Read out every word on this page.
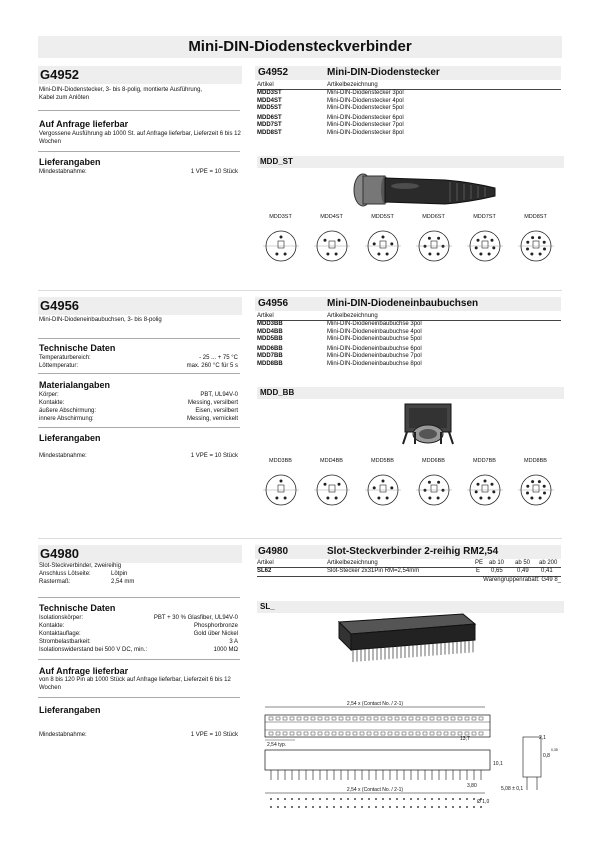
Mini-DIN-Diodensteckverbinder
G4952
Mini-DIN-Diodenstecker, 3- bis 8-polig, montierte Ausführung, Kabel zum Anlöten
Auf Anfrage lieferbar
Vergossene Ausführung ab 1000 St. auf Anfrage lieferbar, Lieferzeit 6 bis 12 Wochen
Lieferangaben
Mindestabnahme:	1 VPE = 10 Stück
G4952	Mini-DIN-Diodenstecker
Artikel	Artikelbezeichnung
MDD3ST	Mini-DIN-Diodenstecker 3pol
MDD4ST	Mini-DIN-Diodenstecker 4pol
MDD5ST	Mini-DIN-Diodenstecker 5pol
MDD6ST	Mini-DIN-Diodenstecker 6pol
MDD7ST	Mini-DIN-Diodenstecker 7pol
MDD8ST	Mini-DIN-Diodenstecker 8pol
MDD_ST
MDD3ST	MDD4ST	MDD5ST	MDD6ST	MDD7ST	MDD8ST
G4956
Mini-DIN-Diodeneinbaubuchsen, 3- bis 8-polig
Technische Daten
Temperaturbereich:	- 25 ... + 75 °C
Löttemperatur:	max. 260 °C für 5 s
Materialangaben
Körper:	PBT, UL94V-0
Kontakte:	Messing, versilbert
äußere Abschirmung:	Eisen, versilbert
innere Abschirmung:	Messing, vernickelt
Lieferangaben
Mindestabnahme:	1 VPE = 10 Stück
G4956	Mini-DIN-Diodeneinbaubuchsen
Artikel	Artikelbezeichnung
MDD3BB	Mini-DIN-Diodeneinbaubuchse 3pol
MDD4BB	Mini-DIN-Diodeneinbaubuchse 4pol
MDD5BB	Mini-DIN-Diodeneinbaubuchse 5pol
MDD6BB	Mini-DIN-Diodeneinbaubuchse 6pol
MDD7BB	Mini-DIN-Diodeneinbaubuchse 7pol
MDD8BB	Mini-DIN-Diodeneinbaubuchse 8pol
MDD_BB
MDD3BB	MDD4BB	MDD5BB	MDD6BB	MDD7BB	MDD8BB
G4980
Slot-Steckverbinder, zweireihig
Anschluss Lötseite:	Lötpin
Rastermaß:	2,54 mm
Technische Daten
Isolationskörper:	PBT + 30 % Glasfiber, UL94V-0
Kontakte:	Phosphorbronze
Kontaktauflage:	Gold über Nickel
Strombelastbarkeit:	3 A
Isolationswiderstand bei 500 V DC, min.:	1000 MΩ
Auf Anfrage lieferbar
von 8 bis 120 Pin ab 1000 Stück auf Anfrage lieferbar, Lieferzeit 6 bis 12 Wochen
Lieferangaben
Mindestabnahme:	1 VPE = 10 Stück
G4980	Slot-Steckverbinder 2-reihig RM2,54
Artikel	Artikelbezeichnung	PE ab 10 ab 50 ab 200
SL62	Slot-Stecker 2x31Pin RM=2,54mm	E 0,65 0,49 0,41
Warengruppenrabatt: G49 8_
SL_
2,54 x (Contact No. / 2-1)
2,54 typ.
13,7
10,1
3,80
2,54 x (Contact No. / 2-1)
Ø 1,0
2,1
0,8
0,35
5,08 ± 0,1
